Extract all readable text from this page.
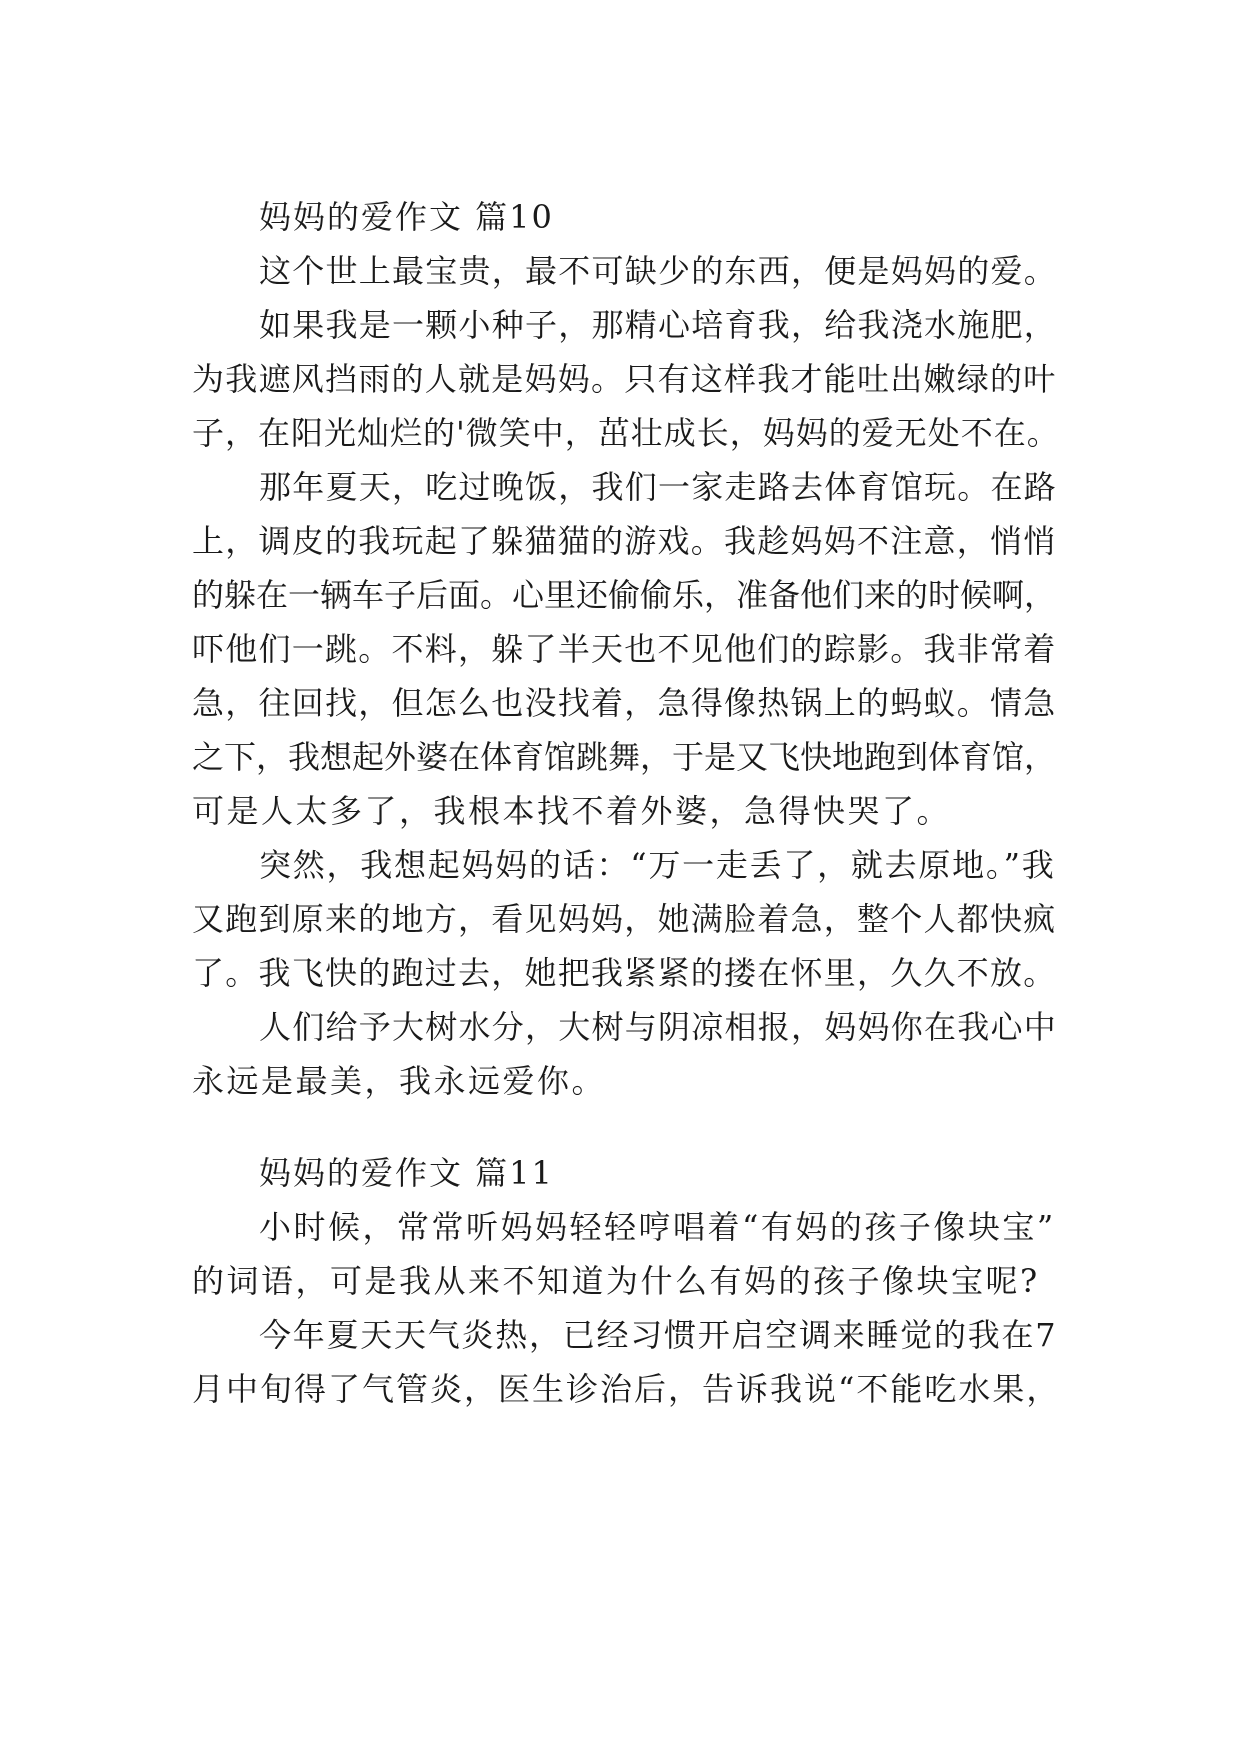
妈妈的爱作文 篇10
这个世上最宝贵，最不可缺少的东西，便是妈妈的爱。
如果我是一颗小种子，那精心培育我，给我浇水施肥，
为我遮风挡雨的人就是妈妈。只有这样我才能吐出嫩绿的叶
子，在阳光灿烂的'微笑中，茁壮成长，妈妈的爱无处不在。
那年夏天，吃过晚饭，我们一家走路去体育馆玩。在路
上，调皮的我玩起了躲猫猫的游戏。我趁妈妈不注意，悄悄
的躲在一辆车子后面。心里还偷偷乐，准备他们来的时候啊，
吓他们一跳。不料，躲了半天也不见他们的踪影。我非常着
急，往回找，但怎么也没找着，急得像热锅上的蚂蚁。情急
之下，我想起外婆在体育馆跳舞，于是又飞快地跑到体育馆，
可是人太多了，我根本找不着外婆，急得快哭了。
突然，我想起妈妈的话：“万一走丢了，就去原地。”我
又跑到原来的地方，看见妈妈，她满脸着急，整个人都快疯
了。我飞快的跑过去，她把我紧紧的搂在怀里，久久不放。
人们给予大树水分，大树与阴凉相报，妈妈你在我心中
永远是最美，我永远爱你。
妈妈的爱作文 篇11
小时候，常常听妈妈轻轻哼唱着“有妈的孩子像块宝”
的词语，可是我从来不知道为什么有妈的孩子像块宝呢?
今年夏天天气炎热，已经习惯开启空调来睡觉的我在7
月中旬得了气管炎，医生诊治后，告诉我说“不能吃水果，
